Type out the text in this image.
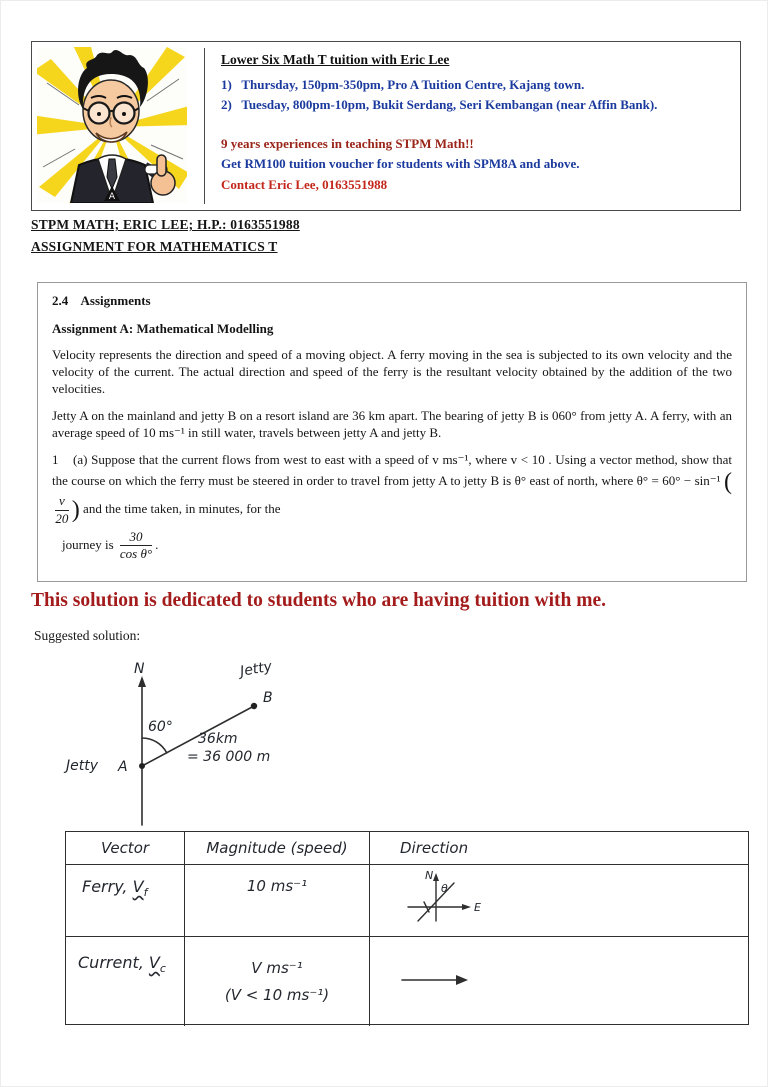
A
Lower Six Math T tuition with Eric Lee
1)   Thursday, 150pm-350pm, Pro A Tuition Centre, Kajang town.
2)   Tuesday, 800pm-10pm, Bukit Serdang, Seri Kembangan (near Affin Bank).
9 years experiences in teaching STPM Math!!
Get RM100 tuition voucher for students with SPM8A and above.
Contact Eric Lee, 0163551988
STPM MATH; ERIC LEE; H.P.: 0163551988
ASSIGNMENT FOR MATHEMATICS T
2.4    Assignments
Assignment A: Mathematical Modelling
Velocity represents the direction and speed of a moving object. A ferry moving in the sea is subjected to its own velocity and the velocity of the current. The actual direction and speed of the ferry is the resultant velocity obtained by the addition of the two velocities.
Jetty A on the mainland and jetty B on a resort island are 36 km apart. The bearing of jetty B is 060° from jetty A. A ferry, with an average speed of 10 ms⁻¹ in still water, travels between jetty A and jetty B.
1    (a) Suppose that the current flows from west to east with a speed of v ms⁻¹, where v < 10 . Using a vector method, show that the course on which the ferry must be steered in order to travel from jetty A to jetty B is θ° east of north, where θ° = 60° − sin⁻¹ (
$\frac{v}{20}$ ) and the time taken, in minutes, for the
journey is $\frac{30}{\text{cos θ°}}$ .
This solution is dedicated to students who are having tuition with me.
Suggested solution:
N	Jetty
B
60°
36km
= 36 000 m
Jetty A
Vector	Magnitude (speed)	Direction
Ferry, $V_f$	10 ms⁻¹
N
θ
E
Current, $V_c$	V ms⁻¹
(V < 10 ms⁻¹)
